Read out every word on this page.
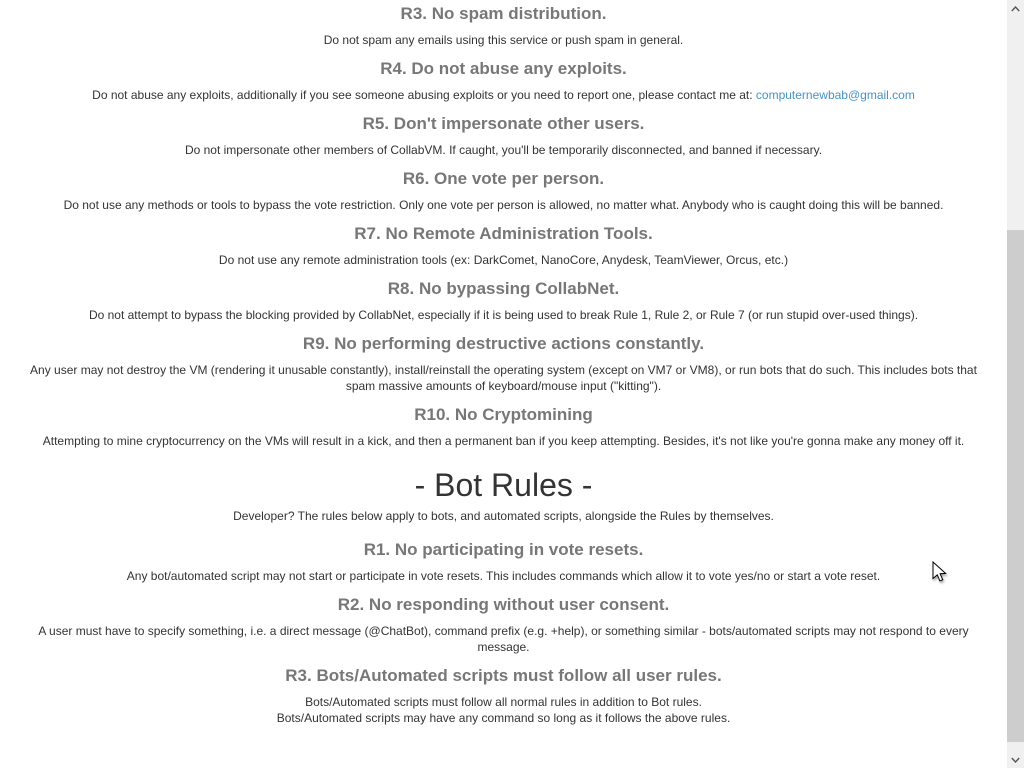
R3. No spam distribution.

Do not spam any emails using this service or push spam in general.

R4. Do not abuse any exploits.

Do not abuse any exploits, additionally if you see someone abusing exploits or you need to report one, please contact me at: computernewbab@gmail.com

R5. Don't impersonate other users.

Do not impersonate other members of CollabVM. If caught, you'll be temporarily disconnected, and banned if necessary.

R6. One vote per person.

Do not use any methods or tools to bypass the vote restriction. Only one vote per person is allowed, no matter what. Anybody who is caught doing this will be banned.

R7. No Remote Administration Tools.

Do not use any remote administration tools (ex: DarkComet, NanoCore, Anydesk, TeamViewer, Orcus, etc.)

R8. No bypassing CollabNet.

Do not attempt to bypass the blocking provided by CollabNet, especially if it is being used to break Rule 1, Rule 2, or Rule 7 (or run stupid over-used things).

R9. No performing destructive actions constantly.

Any user may not destroy the VM (rendering it unusable constantly), install/reinstall the operating system (except on VM7 or VM8), or run bots that do such. This includes bots that spam massive amounts of keyboard/mouse input ("kitting").

R10. No Cryptomining

Attempting to mine cryptocurrency on the VMs will result in a kick, and then a permanent ban if you keep attempting. Besides, it's not like you're gonna make any money off it.

- Bot Rules -

Developer? The rules below apply to bots, and automated scripts, alongside the Rules by themselves.

R1. No participating in vote resets.

Any bot/automated script may not start or participate in vote resets. This includes commands which allow it to vote yes/no or start a vote reset.

R2. No responding without user consent.

A user must have to specify something, i.e. a direct message (@ChatBot), command prefix (e.g. +help), or something similar - bots/automated scripts may not respond to every message.

R3. Bots/Automated scripts must follow all user rules.

Bots/Automated scripts must follow all normal rules in addition to Bot rules.

Bots/Automated scripts may have any command so long as it follows the above rules.
